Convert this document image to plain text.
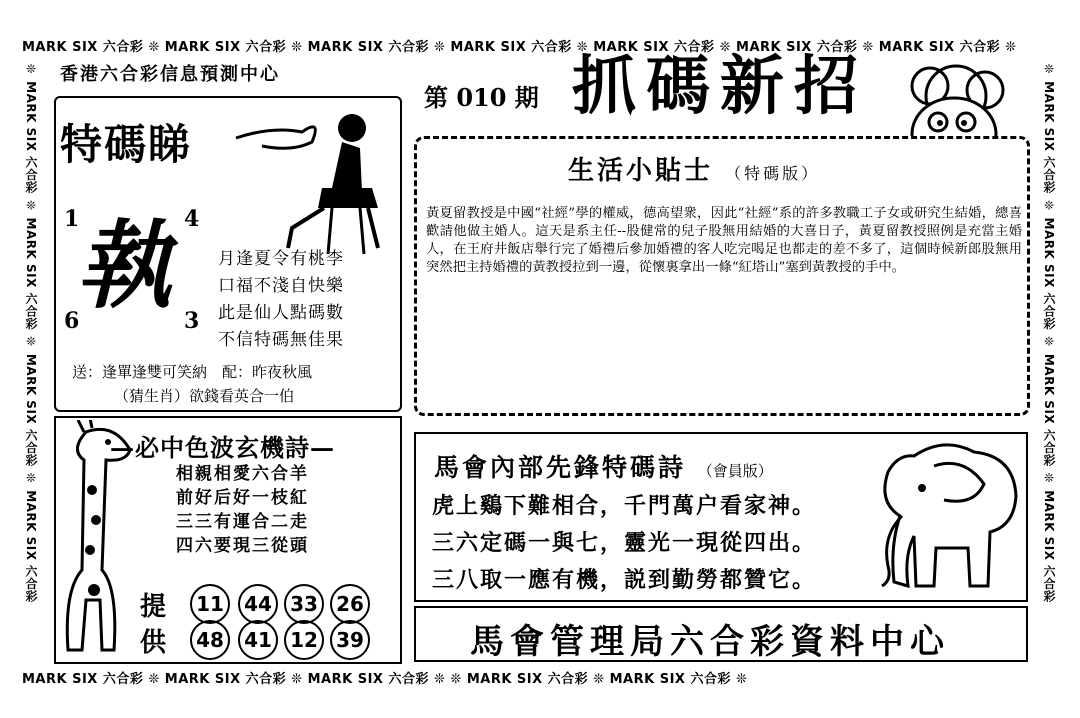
MARK SIX 六合彩 ❊ MARK SIX 六合彩 ❊ MARK SIX 六合彩 ❊ MARK SIX 六合彩 ❊ MARK SIX 六合彩 ❊ MARK SIX 六合彩 ❊ MARK SIX 六合彩 ❊
MARK SIX 六合彩 ❊ MARK SIX 六合彩 ❊ MARK SIX 六合彩 ❊ ❊ MARK SIX 六合彩 ❊ MARK SIX 六合彩 ❊
❊ MARK SIX 六合彩 ❊ MARK SIX 六合彩 ❊ MARK SIX 六合彩 ❊ MARK SIX 六合彩	❊ MARK SIX 六合彩 ❊ MARK SIX 六合彩 ❊ MARK SIX 六合彩 ❊ MARK SIX 六合彩
香港六合彩信息預測中心
第 010 期 抓碼新招
特碼睇
1	4
6	3
執	月逢夏令有桃李
口福不淺自快樂
此是仙人點碼數
不信特碼無佳果
送：逢單逢雙可笑納　配：昨夜秋風
（猜生肖）欲錢看英合一伯
生活小貼士 （特碼版）
黃夏留教授是中國“社經”學的權威，德高望衆，因此“社經”系的許多教職工子女或研究生結婚，總喜歡請他做主婚人。這天是系主任--股健常的兒子股無用結婚的大喜日子，黃夏留教授照例是充當主婚人，在王府井飯店舉行完了婚禮后參加婚禮的客人吃完喝足也都走的差不多了，這個時候新郎股無用突然把主持婚禮的黃教授拉到一邊，從懷裏拿出一條“紅塔山”塞到黃教授的手中。
—必中色波玄機詩—
相親相愛六合羊
前好后好一枝紅
三三有運合二走
四六要現三從頭
提
供
11	44 33 26
48	41 12 39
馬會內部先鋒特碼詩 （會員版）
虎上鷄下難相合，千門萬户看家神。
三六定碼一與七，靈光一現從四出。
三八取一應有機，説到勤勞都贊它。
馬會管理局六合彩資料中心
